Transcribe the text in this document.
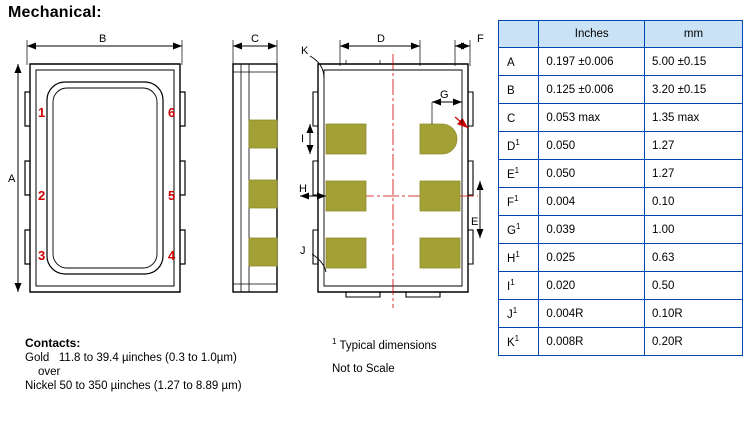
Mechanical:
B
A
1
2
3
6
5
4
C	D	F
K
J
G
I
H
E
Contacts:
Gold   11.8 to 39.4 µinches (0.3 to 1.0µm)
over
Nickel 50 to 350 µinches (1.27 to 8.89 µm)
$^1$ Typical dimensions
Not to Scale
	Inches	mm
A	0.197 ±0.006	5.00 ±0.15
B	0.125 ±0.006	3.20 ±0.15
C	0.053 max	1.35 max
$D^1$	0.050	1.27
$E^1$	0.050	1.27
$F^1$	0.004	0.10
$G^1$	0.039	1.00
$H^1$	0.025	0.63
$I^1$	0.020	0.50
$J^1$	0.004R	0.10R
$K^1$	0.008R	0.20R
